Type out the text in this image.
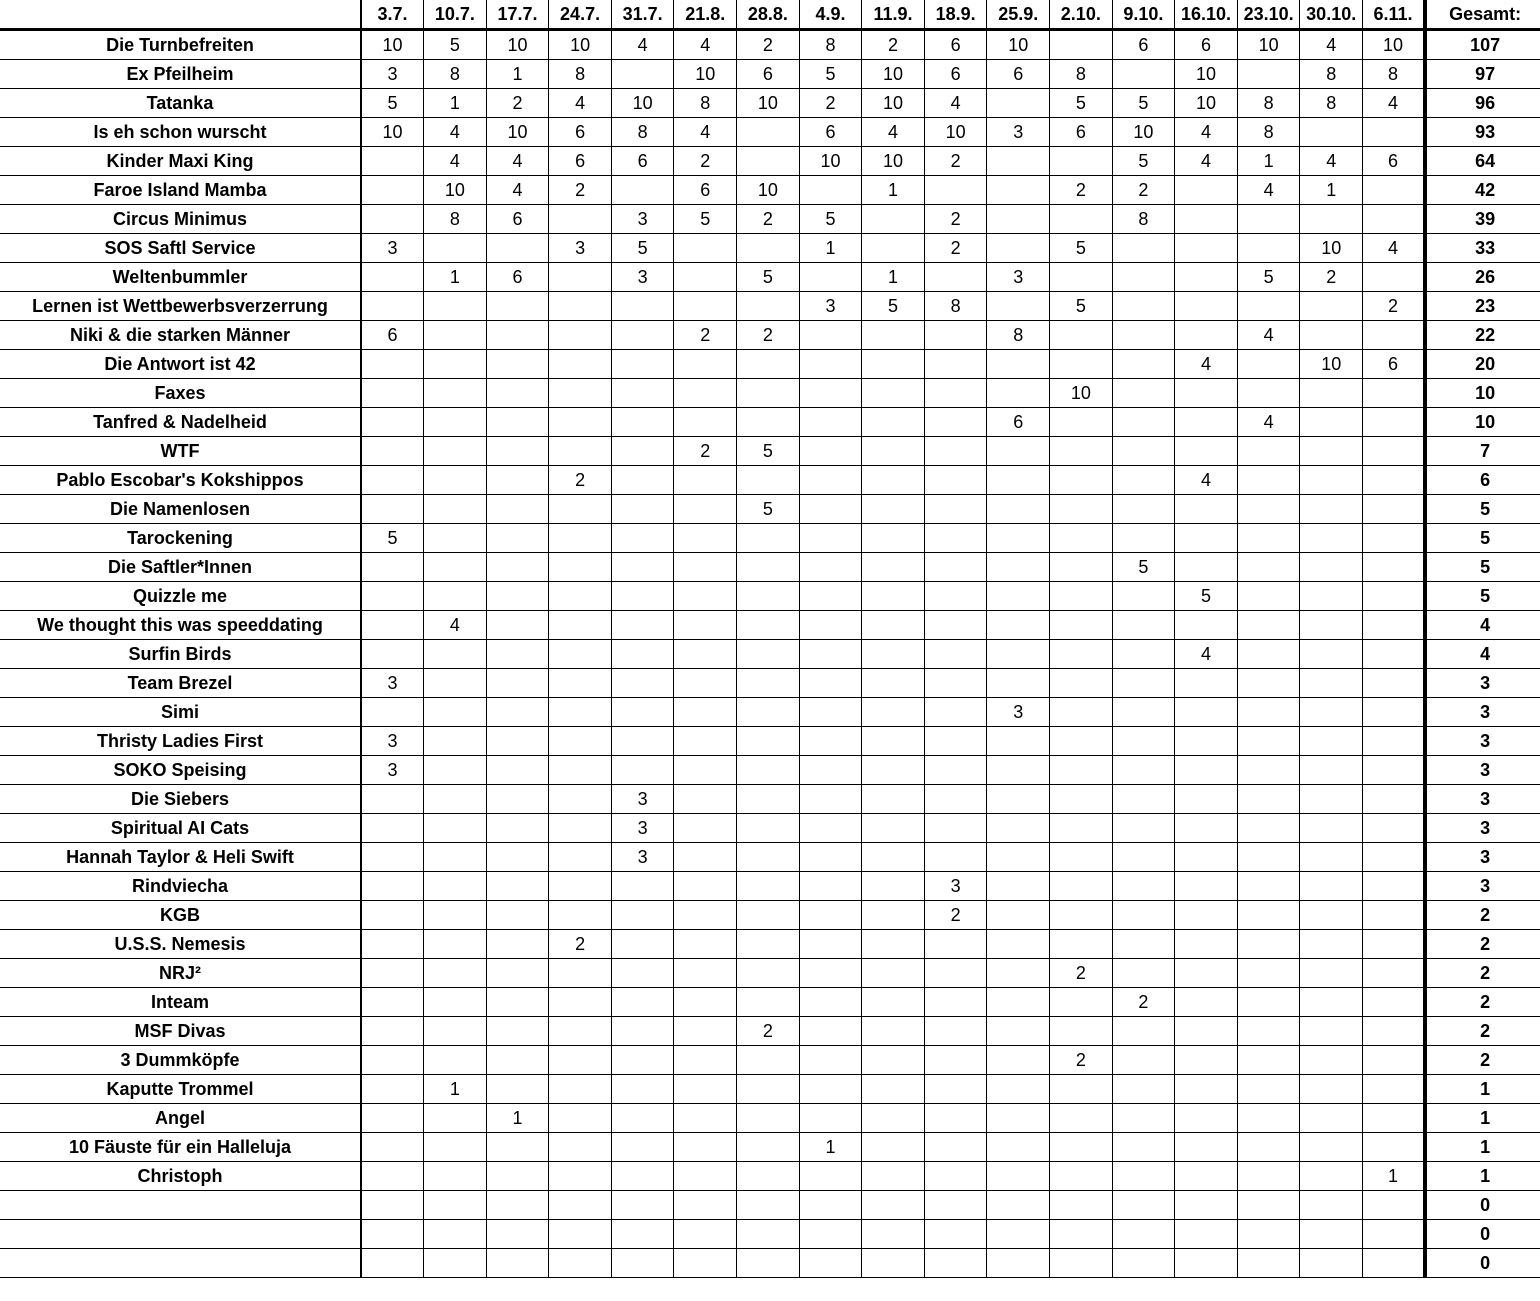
	3.7.	10.7.	17.7.	24.7.	31.7.	21.8.	28.8.	4.9.	11.9.	18.9.	25.9.	2.10.	9.10.	16.10.	23.10.	30.10.	6.11.	Gesamt:
Die Turnbefreiten	10	5	10	10	4	4	2	8	2	6	10		6	6	10	4	10	107
Ex Pfeilheim	3	8	1	8		10	6	5	10	6	6	8		10		8	8	97
Tatanka	5	1	2	4	10	8	10	2	10	4		5	5	10	8	8	4	96
Is eh schon wurscht	10	4	10	6	8	4		6	4	10	3	6	10	4	8			93
Kinder Maxi King		4	4	6	6	2		10	10	2			5	4	1	4	6	64
Faroe Island Mamba		10	4	2		6	10		1			2	2		4	1		42
Circus Minimus		8	6		3	5	2	5		2			8					39
SOS Saftl Service	3			3	5			1		2		5				10	4	33
Weltenbummler		1	6		3		5		1		3				5	2		26
Lernen ist Wettbewerbsverzerrung								3	5	8		5					2	23
Niki & die starken Männer	6					2	2				8				4			22
Die Antwort ist 42														4		10	6	20
Faxes												10						10
Tanfred & Nadelheid											6				4			10
WTF						2	5											7
Pablo Escobar's Kokshippos				2										4				6
Die Namenlosen							5											5
Tarockening	5																	5
Die Saftler*Innen													5					5
Quizzle me														5				5
We thought this was speeddating		4																4
Surfin Birds														4				4
Team Brezel	3																	3
Simi											3							3
Thristy Ladies First	3																	3
SOKO Speising	3																	3
Die Siebers					3													3
Spiritual AI Cats					3													3
Hannah Taylor & Heli Swift					3													3
Rindviecha										3								3
KGB										2								2
U.S.S. Nemesis				2														2
NRJ²												2						2
Inteam													2					2
MSF Divas							2											2
3 Dummköpfe												2						2
Kaputte Trommel		1																1
Angel			1															1
10 Fäuste für ein Halleluja								1										1
Christoph																	1	1
																		0
																		0
																		0
